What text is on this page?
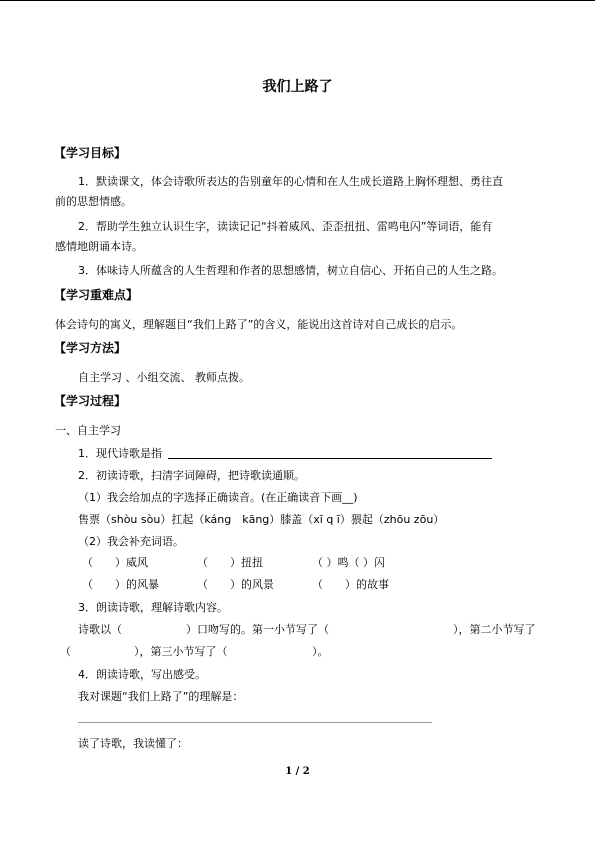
我们上路了
【学习目标】
1．默读课文，体会诗歌所表达的告别童年的心情和在人生成长道路上胸怀理想、勇往直
前的思想情感。
2．帮助学生独立认识生字，读读记记“抖着威风、歪歪扭扭、雷鸣电闪”等词语，能有
感情地朗诵本诗。
3．体味诗人所蕴含的人生哲理和作者的思想感情，树立自信心、开拓自己的人生之路。
【学习重难点】
体会诗句的寓义，理解题目“我们上路了”的含义，能说出这首诗对自己成长的启示。
【学习方法】
自主学习 、小组交流、 教师点拨。
【学习过程】
一、自主学习
1．现代诗歌是指
2．初读诗歌，扫清字词障碍，把诗歌读通顺。
（1）我会给加点的字选择正确读音。(在正确读音下画__)
售票（shòu sòu）扛起（káng　kāng）膝盖（xī q ī）猥起（zhōu zōu）
（2）我会补充词语。
（　　）威风	（　　）扭扭	（ ）鸣（ ）闪
（　　）的风暴	（　　）的风景	（　　）的故事
3．朗读诗歌，理解诗歌内容。
诗歌以（	）口吻写的。第一小节写了（	），第二小节写了
（	），第三小节写了（	）。
4．朗读诗歌，写出感受。
我对课题“我们上路了”的理解是：
读了诗歌，我读懂了：
1 / 2
